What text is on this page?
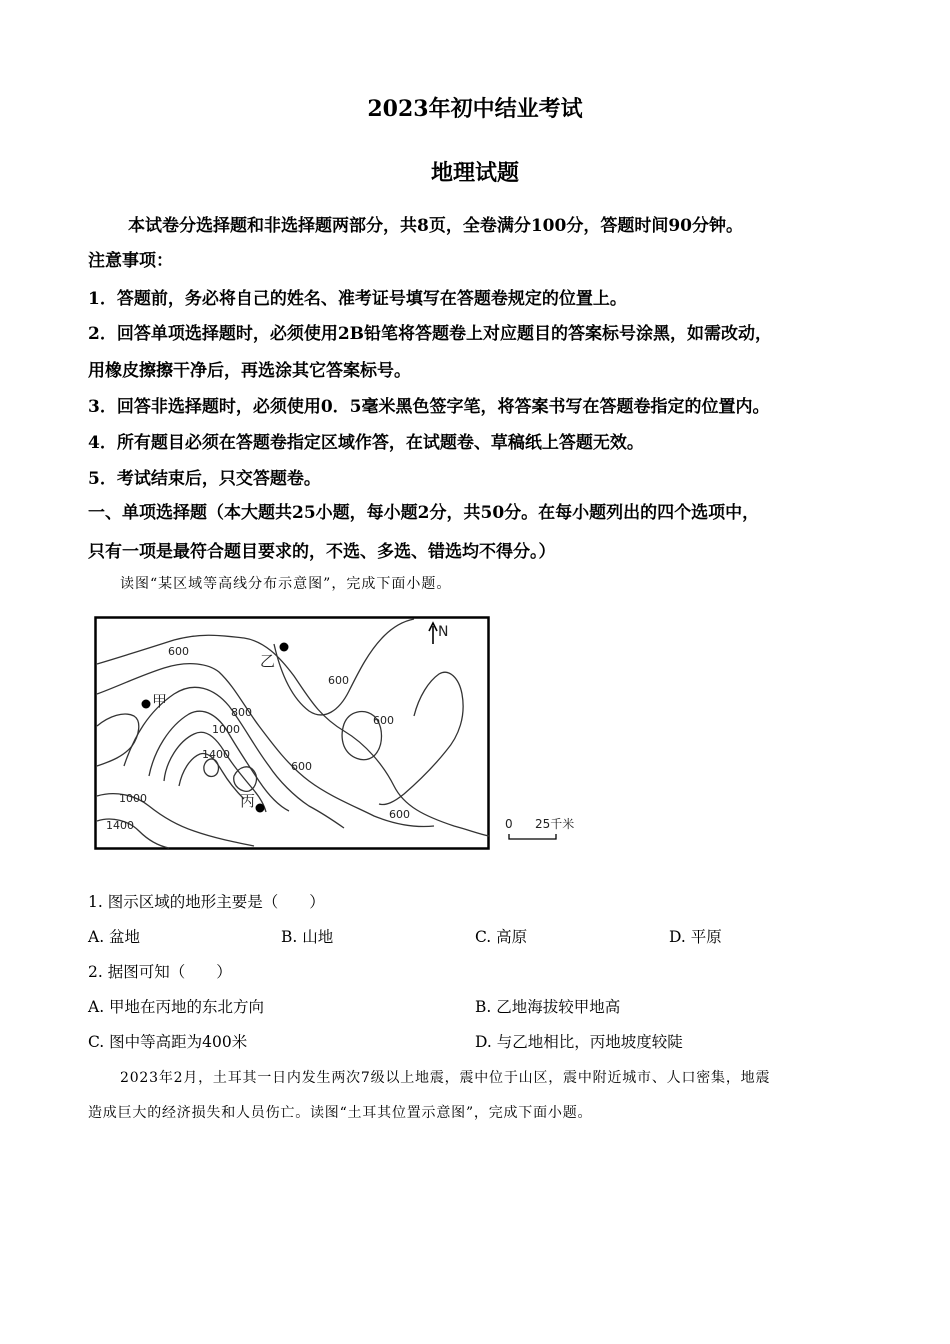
2023年初中结业考试
地理试题
本试卷分选择题和非选择题两部分，共8页，全卷满分100分，答题时间90分钟。
注意事项：
1．答题前，务必将自己的姓名、准考证号填写在答题卷规定的位置上。
2．回答单项选择题时，必须使用2B铅笔将答题卷上对应题目的答案标号涂黑，如需改动，
用橡皮擦擦干净后，再选涂其它答案标号。
3．回答非选择题时，必须使用0．5毫米黑色签字笔，将答案书写在答题卷指定的位置内。
4．所有题目必须在答题卷指定区域作答，在试题卷、草稿纸上答题无效。
5．考试结束后，只交答题卷。
一、单项选择题（本大题共25小题，每小题2分，共50分。在每小题列出的四个选项中，
只有一项是最符合题目要求的，不选、多选、错选均不得分。）
读图“某区域等高线分布示意图”，完成下面小题。
600
600
600
600
600
800
1000
1000
1400
1400
甲
乙
丙
N
0 25千米
1. 图示区域的地形主要是（　　）
A. 盆地	B. 山地	C. 高原	D. 平原
2. 据图可知（　　）
A. 甲地在丙地的东北方向	B. 乙地海拔较甲地高
C. 图中等高距为400米	D. 与乙地相比，丙地坡度较陡
2023年2月，土耳其一日内发生两次7级以上地震，震中位于山区，震中附近城市、人口密集，地震
造成巨大的经济损失和人员伤亡。读图“土耳其位置示意图”，完成下面小题。
